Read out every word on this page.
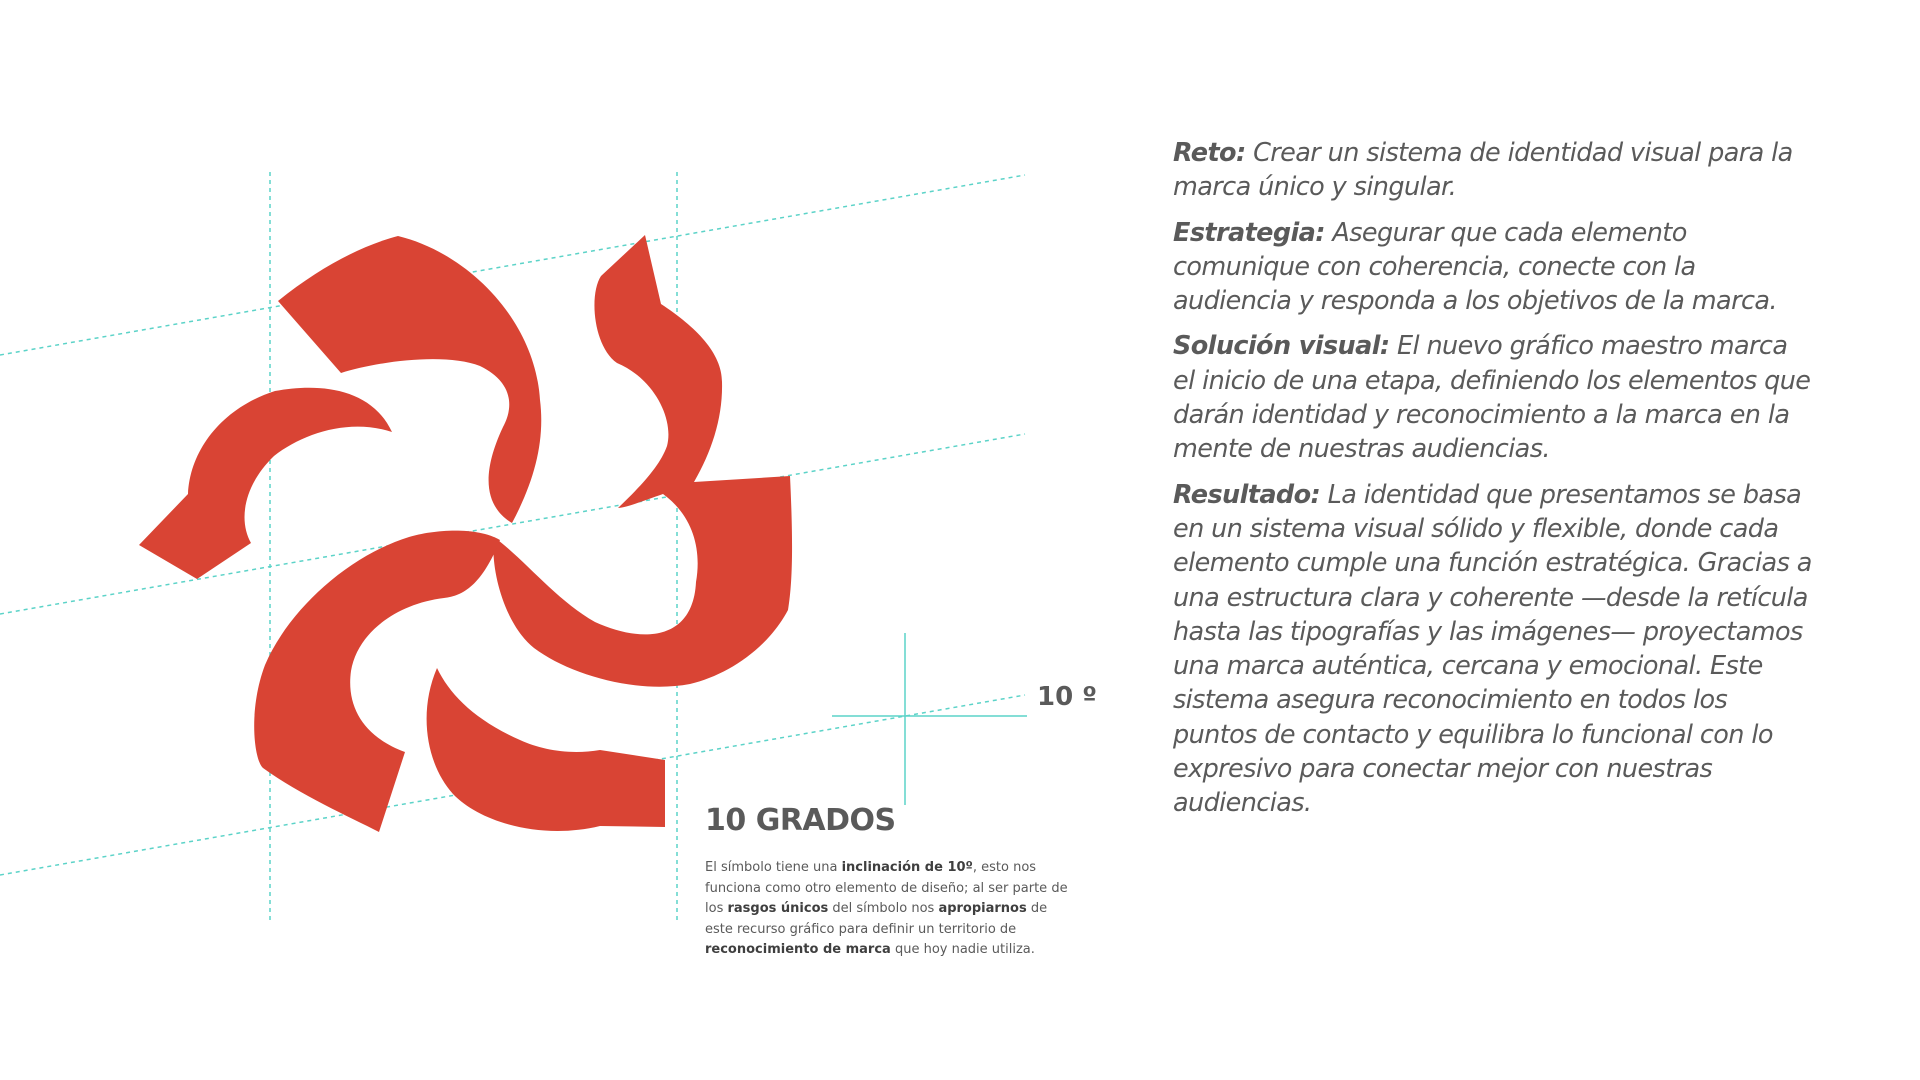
10 º
10 GRADOS

El símbolo tiene una inclinación de 10º, esto nos funciona como otro elemento de diseño; al ser parte de los rasgos únicos del símbolo nos apropiarnos de este recurso gráfico para definir un territorio de reconocimiento de marca que hoy nadie utiliza.

Reto: Crear un sistema de identidad visual para la marca único y singular.

Estrategia: Asegurar que cada elemento comunique con coherencia, conecte con la audiencia y responda a los objetivos de la marca.

Solución visual: El nuevo gráfico maestro marca el inicio de una etapa, definiendo los elementos que darán identidad y reconocimiento a la marca en la mente de nuestras audiencias.

Resultado: La identidad que presentamos se basa en un sistema visual sólido y flexible, donde cada elemento cumple una función estratégica. Gracias a una estructura clara y coherente —desde la retícula hasta las tipografías y las imágenes— proyectamos una marca auténtica, cercana y emocional. Este sistema asegura reconocimiento en todos los puntos de contacto y equilibra lo funcional con lo expresivo para conectar mejor con nuestras audiencias.
